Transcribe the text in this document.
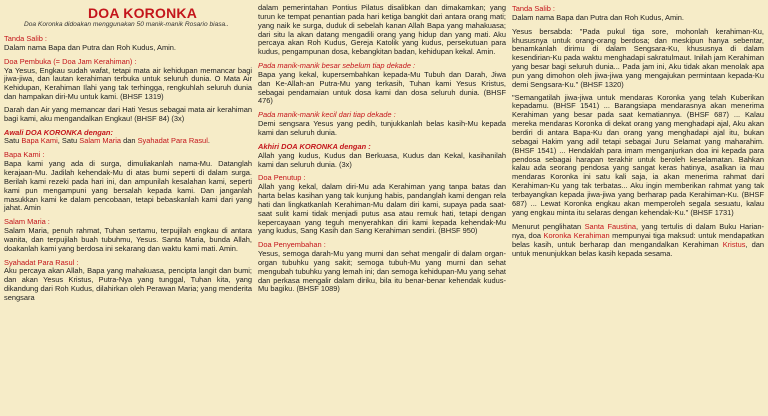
DOA KORONKA
Doa Koronka didoakan menggunakan 50 manik-manik Rosario biasa..
Tanda Salib :

Dalam nama Bapa dan Putra dan Roh Kudus, Amin.

Doa Pembuka (= Doa Jam Kerahiman) :

Ya Yesus, Engkau sudah wafat, tetapi mata air kehidupan memancar bagi jiwa-jiwa, dan lautan kerahiman terbuka untuk seluruh dunia. O Mata Air Kehidupan, Kerahiman Ilahi yang tak terhingga, rengkuhlah seluruh dunia dan hampakan diri-Mu untuk kami. (BHSF 1319)

Darah dan Air yang memancar dari Hati Yesus sebagai mata air kerahiman bagi kami, aku mengandalkan Engkau! (BHSF 84) (3x)

Awali DOA KORONKA dengan:

Satu Bapa Kami, Satu Salam Maria dan Syahadat Para Rasul.

Bapa Kami :

Bapa kami yang ada di surga, dimuliakanlah nama-Mu. Datanglah kerajaan-Mu. Jadilah kehendak-Mu di atas bumi seperti di dalam surga. Berilah kami rezeki pada hari ini, dan ampunilah kesalahan kami, seperti kami pun mengampuni yang bersalah kepada kami. Dan janganlah masukkan kami ke dalam pencobaan, tetapi bebaskanlah kami dari yang jahat. Amin

Salam Maria :

Salam Maria, penuh rahmat, Tuhan sertamu, terpujilah engkau di antara wanita, dan terpujilah buah tubuhmu, Yesus. Santa Maria, bunda Allah, doakanlah kami yang berdosa ini sekarang dan waktu kami mati. Amin.

Syahadat Para Rasul :

Aku percaya akan Allah, Bapa yang mahakuasa, pencipta langit dan bumi; dan akan Yesus Kristus, Putra-Nya yang tunggal, Tuhan kita, yang dikandung dari Roh Kudus, dilahirkan oleh Perawan Maria; yang menderita sengsara

dalam pemerintahan Pontius Pilatus disalibkan dan dimakamkan; yang turun ke tempat penantian pada hari ketiga bangkit dari antara orang mati; yang naik ke surga, duduk di sebelah kanan Allah Bapa yang mahakuasa; dari situ la akan datang mengadili orang yang hidup dan yang mati. Aku percaya akan Roh Kudus, Gereja Katolik yang kudus, persekutuan para kudus, pengampunan dosa, kebangkitan badan, kehidupan kekal. Amin.

Pada manik-manik besar sebelum tiap dekade :

Bapa yang kekal, kupersembahkan kepada-Mu Tubuh dan Darah, Jiwa dan Ke-Allah-an Putra-Mu yang terkasih, Tuhan kami Yesus Kristus, sebagai pendamaian untuk dosa kami dan dosa seluruh dunia. (BHSF 476)

Pada manik-manik kecil dari tiap dekade :

Demi sengsara Yesus yang pedih, tunjukkanlah belas kasih-Mu kepada kami dan seluruh dunia.

Akhiri DOA KORONKA dengan :

Allah yang kudus, Kudus dan Berkuasa, Kudus dan Kekal, kasihanilah kami dan seluruh dunia. (3x)

Doa Penutup :

Allah yang kekal, dalam diri-Mu ada Kerahiman yang tanpa batas dan harta belas kasihan yang tak kunjung habis, pandanglah kami dengan rela hati dan lingkatkanlah Kerahiman-Mu dalam diri kami, supaya pada saat-saat sulit kami tidak menjadi putus asa atau remuk hati, tetapi dengan kepercayaan yang teguh menyerahkan diri kami kepada kehendak-Mu yang kudus, Sang Kasih dan Sang Kerahiman sendiri. (BHSF 950)

Doa Penyembahan :

Yesus, semoga darah-Mu yang murni dan sehat mengalir di dalam organ-organ tubuhku yang sakit; semoga tubuh-Mu yang murni dan sehat mengubah tubuhku yang lemah ini; dan semoga kehidupan-Mu yang sehat dan perkasa mengalir dalam diriku, bila itu benar-benar kehendak kudus-Mu bagiku. (BHSF 1089)

Tanda Salib :

Dalam nama Bapa dan Putra dan Roh Kudus, Amin.

Yesus bersabda: "Pada pukul tiga sore, mohonlah kerahiman-Ku, khususnya untuk orang-orang berdosa; dan meskipun hanya sebentar, benamkanlah dirimu di dalam Sengsara-Ku, khususnya di dalam kesendirian-Ku pada waktu menghadapi sakratulmaut. Inilah jam Kerahiman yang besar bagi seluruh dunia... Pada jam ini, Aku tidak akan menolak apa pun yang dimohon oleh jiwa-jiwa yang mengajukan permintaan kepada-Ku demi Sengsara-Ku." (BHSF 1320)

"Semangatilah jiwa-jiwa untuk mendaras Koronka yang telah Kuberikan kepadamu. (BHSF 1541) ... Barangsiapa mendarasnya akan menerima Kerahiman yang besar pada saat kematiannya. (BHSF 687) ... Kalau mereka mendaras Koronka di dekat orang yang menghadapi ajal, Aku akan berdiri di antara Bapa-Ku dan orang yang menghadapi ajal itu, bukan sebagai Hakim yang adil tetapi sebagai Juru Selamat yang maharahim. (BHSF 1541) ... Hendaklah para imam menganjurkan doa ini kepada para pendosa sebagai harapan terakhir untuk beroleh keselamatan. Bahkan kalau ada seorang pendosa yang sangat keras hatinya, asalkan ia mau mendaras Koronka ini satu kali saja, ia akan menerima rahmat dari Kerahiman-Ku yang tak terbatas... Aku ingin memberikan rahmat yang tak terbayangkan kepada jiwa-jiwa yang berharap pada Kerahiman-Ku. (BHSF 687) ... Lewat Koronka engkau akan memperoleh segala sesuatu, kalau yang engkau minta itu selaras dengan kehendak-Ku." (BHSF 1731)

Menurut penglihatan Santa Faustina, yang tertulis di dalam Buku Harian-nya, doa Koronka Kerahiman mempunyai tiga maksud: untuk mendapatkan belas kasih, untuk berharap dan mengandalkan Kerahiman Kristus, dan untuk menunjukkan belas kasih kepada sesama.
